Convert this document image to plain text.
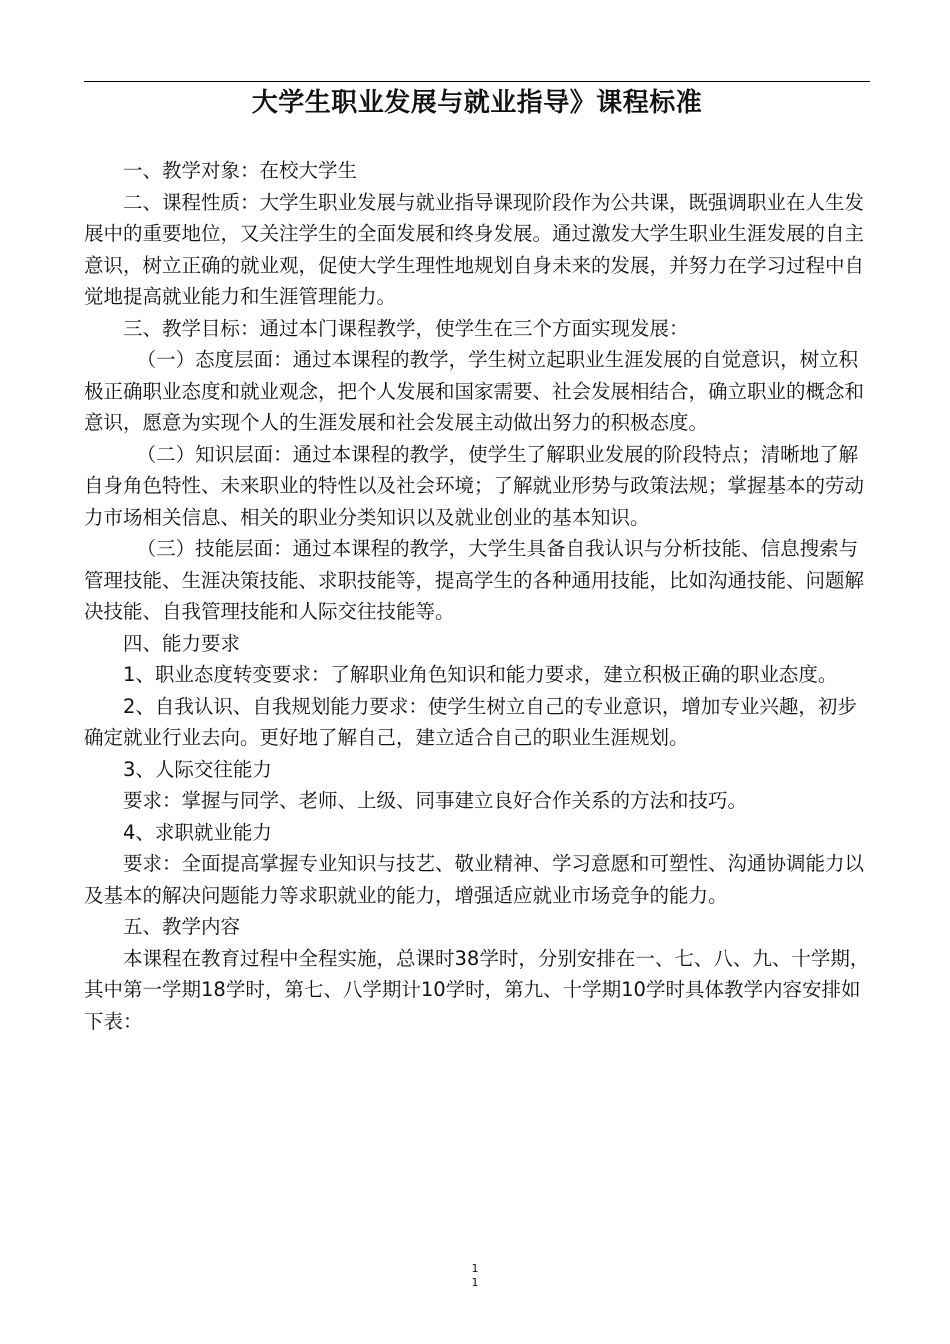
大学生职业发展与就业指导》课程标准

一、教学对象：在校大学生

二、课程性质：大学生职业发展与就业指导课现阶段作为公共课，既强调职业在人生发展中的重要地位，又关注学生的全面发展和终身发展。通过激发大学生职业生涯发展的自主意识，树立正确的就业观，促使大学生理性地规划自身未来的发展，并努力在学习过程中自觉地提高就业能力和生涯管理能力。

三、教学目标：通过本门课程教学，使学生在三个方面实现发展：

（一）态度层面：通过本课程的教学，学生树立起职业生涯发展的自觉意识，树立积极正确职业态度和就业观念，把个人发展和国家需要、社会发展相结合，确立职业的概念和意识，愿意为实现个人的生涯发展和社会发展主动做出努力的积极态度。

（二）知识层面：通过本课程的教学，使学生了解职业发展的阶段特点；清晰地了解自身角色特性、未来职业的特性以及社会环境；了解就业形势与政策法规；掌握基本的劳动力市场相关信息、相关的职业分类知识以及就业创业的基本知识。

（三）技能层面：通过本课程的教学，大学生具备自我认识与分析技能、信息搜索与管理技能、生涯决策技能、求职技能等，提高学生的各种通用技能，比如沟通技能、问题解决技能、自我管理技能和人际交往技能等。

四、能力要求

1、职业态度转变要求：了解职业角色知识和能力要求，建立积极正确的职业态度。

2、自我认识、自我规划能力要求：使学生树立自己的专业意识，增加专业兴趣，初步确定就业行业去向。更好地了解自己，建立适合自己的职业生涯规划。

3、人际交往能力

要求：掌握与同学、老师、上级、同事建立良好合作关系的方法和技巧。

4、求职就业能力

要求：全面提高掌握专业知识与技艺、敬业精神、学习意愿和可塑性、沟通协调能力以及基本的解决问题能力等求职就业的能力，增强适应就业市场竞争的能力。

五、教学内容

本课程在教育过程中全程实施，总课时38学时，分别安排在一、七、八、九、十学期，其中第一学期18学时，第七、八学期计10学时，第九、十学期10学时具体教学内容安排如下表：

1
1
